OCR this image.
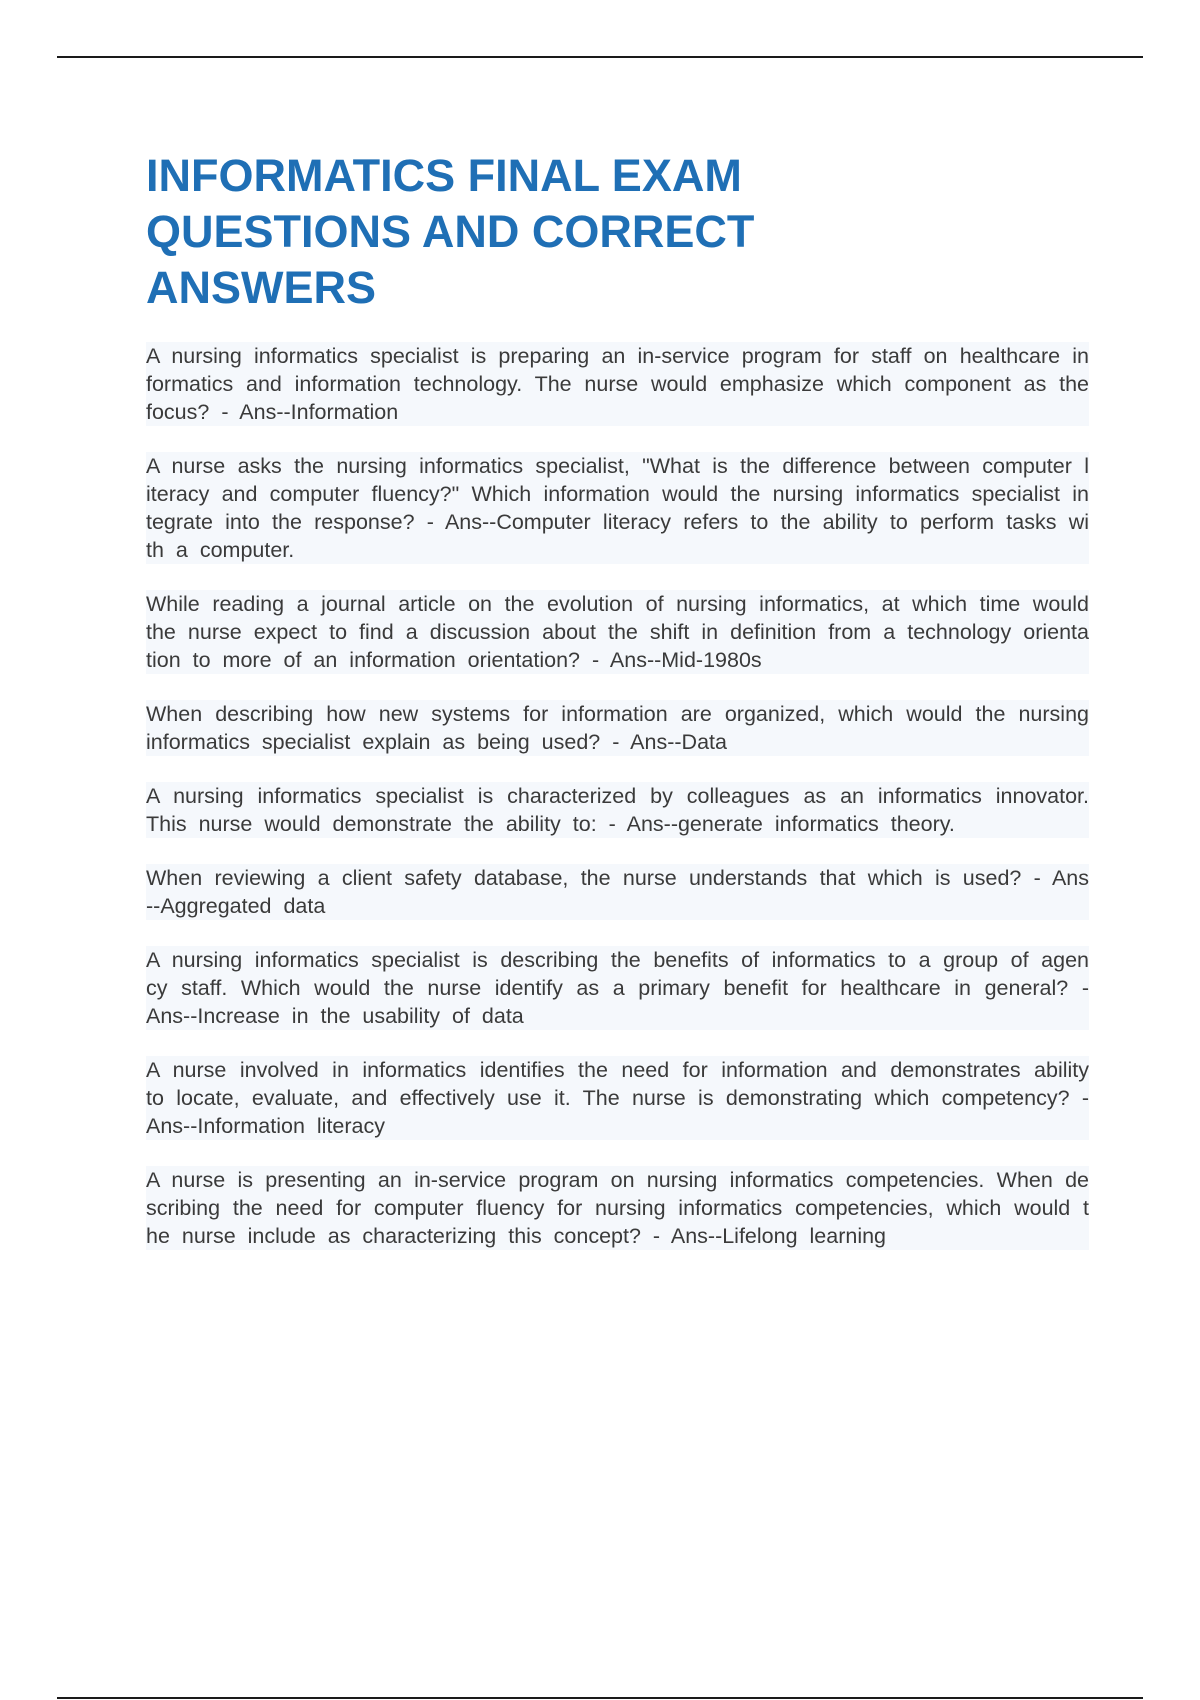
INFORMATICS FINAL EXAM QUESTIONS AND CORRECT ANSWERS

A nursing informatics specialist is preparing an in-service program for staff on healthcare informatics and information technology. The nurse would emphasize which component as the focus? - Ans--Information

A nurse asks the nursing informatics specialist, "What is the difference between computer literacy and computer fluency?" Which information would the nursing informatics specialist integrate into the response? - Ans--Computer literacy refers to the ability to perform tasks with a computer.

While reading a journal article on the evolution of nursing informatics, at which time would the nurse expect to find a discussion about the shift in definition from a technology orientation to more of an information orientation? - Ans--Mid-1980s

When describing how new systems for information are organized, which would the nursing informatics specialist explain as being used? - Ans--Data

A nursing informatics specialist is characterized by colleagues as an informatics innovator. This nurse would demonstrate the ability to: - Ans--generate informatics theory.

When reviewing a client safety database, the nurse understands that which is used? - Ans--Aggregated data

A nursing informatics specialist is describing the benefits of informatics to a group of agency staff. Which would the nurse identify as a primary benefit for healthcare in general? - Ans--Increase in the usability of data

A nurse involved in informatics identifies the need for information and demonstrates ability to locate, evaluate, and effectively use it. The nurse is demonstrating which competency? - Ans--Information literacy

A nurse is presenting an in-service program on nursing informatics competencies. When describing the need for computer fluency for nursing informatics competencies, which would the nurse include as characterizing this concept? - Ans--Lifelong learning
